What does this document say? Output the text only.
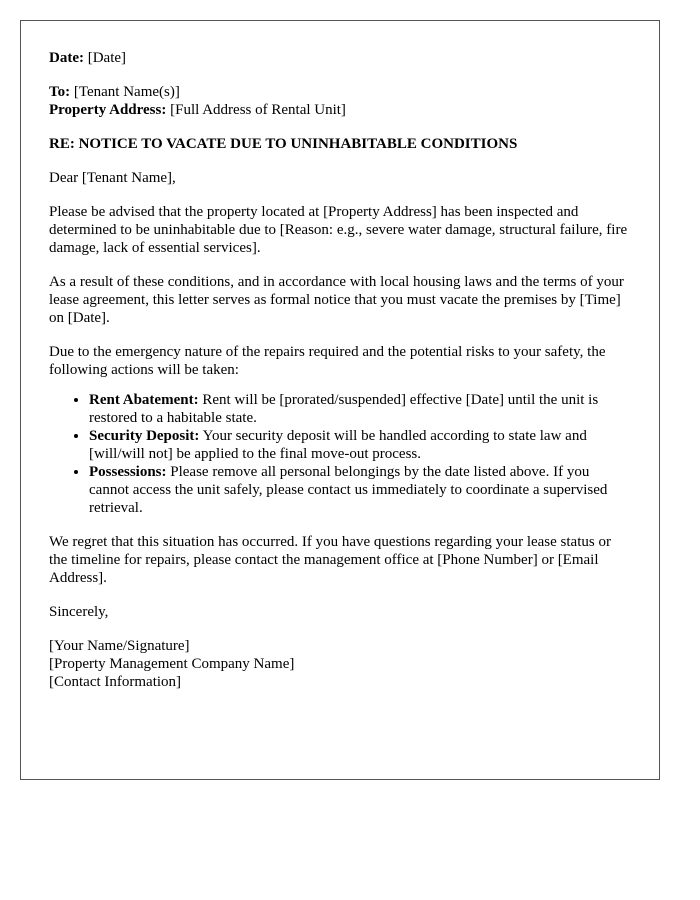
Date: [Date]

To: [Tenant Name(s)]

Property Address: [Full Address of Rental Unit]

RE: NOTICE TO VACATE DUE TO UNINHABITABLE CONDITIONS

Dear [Tenant Name],

Please be advised that the property located at [Property Address] has been inspected and determined to be uninhabitable due to [Reason: e.g., severe water damage, structural failure, fire damage, lack of essential services].

As a result of these conditions, and in accordance with local housing laws and the terms of your lease agreement, this letter serves as formal notice that you must vacate the premises by [Time] on [Date].

Due to the emergency nature of the repairs required and the potential risks to your safety, the following actions will be taken:

• Rent Abatement: Rent will be [prorated/suspended] effective [Date] until the unit is restored to a habitable state.
• Security Deposit: Your security deposit will be handled according to state law and [will/will not] be applied to the final move-out process.
• Possessions: Please remove all personal belongings by the date listed above. If you cannot access the unit safely, please contact us immediately to coordinate a supervised retrieval.

We regret that this situation has occurred. If you have questions regarding your lease status or the timeline for repairs, please contact the management office at [Phone Number] or [Email Address].

Sincerely,

[Your Name/Signature]

[Property Management Company Name]

[Contact Information]
